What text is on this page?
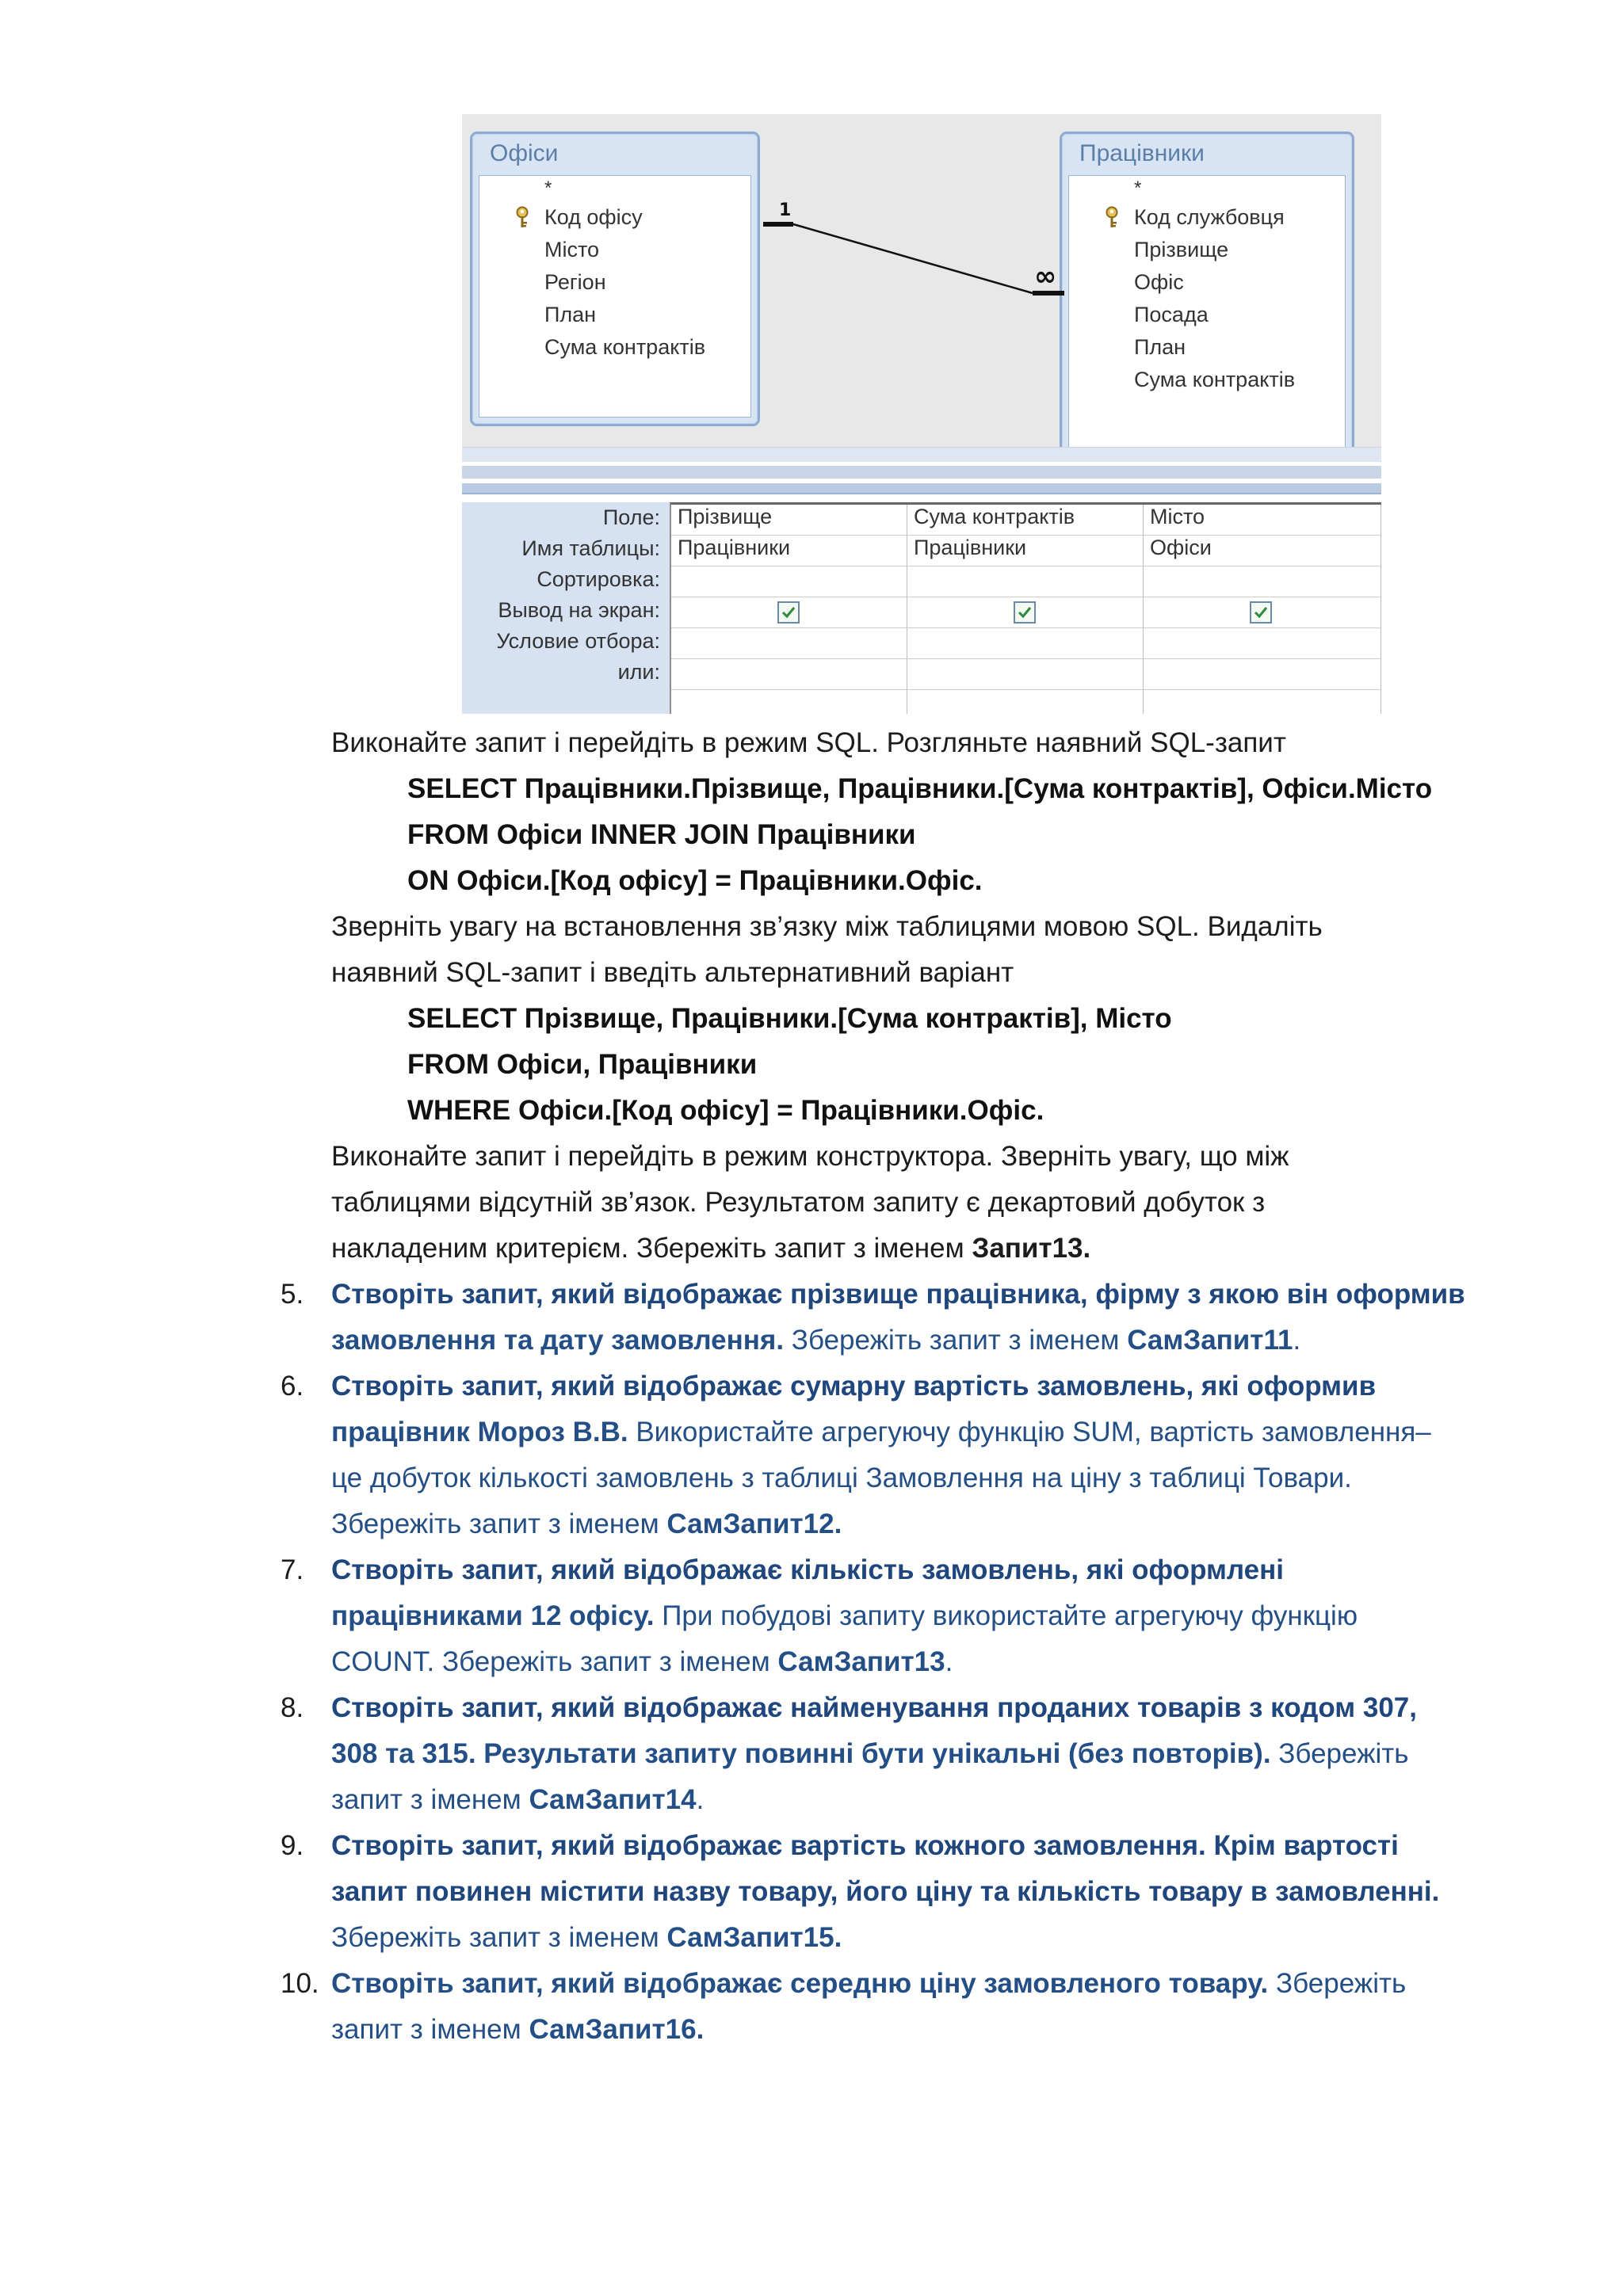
Офіси
*
Код офісу
Місто
Регіон
План
Сума контрактів
Працівники
*
Код службовця
Прізвище
Офіс
Посада
План
Сума контрактів
1
∞
Поле:
Имя таблицы:
Сортировка:
Вывод на экран:
Условие отбора:
или:
Прізвище
Працівники
Сума контрактів
Працівники
Місто
Офіси
Виконайте запит і перейдіть в режим SQL. Розгляньте наявний SQL-запит
SELECT Працівники.Прізвище, Працівники.[Сума контрактів], Офіси.Місто
FROM Офіси INNER JOIN Працівники
ON Офіси.[Код офісу] = Працівники.Офіс.
Зверніть увагу на встановлення зв’язку між таблицями мовою SQL. Видаліть
наявний SQL-запит і введіть альтернативний варіант
SELECT Прізвище, Працівники.[Сума контрактів], Місто
FROM Офіси, Працівники
WHERE Офіси.[Код офісу] = Працівники.Офіс.
Виконайте запит і перейдіть в режим конструктора. Зверніть увагу, що між
таблицями відсутній зв’язок. Результатом запиту є декартовий добуток з
накладеним критерієм. Збережіть запит з іменем Запит13.
5. Створіть запит, який відображає прізвище працівника, фірму з якою він оформив
замовлення та дату замовлення. Збережіть запит з іменем СамЗапит11.
6. Створіть запит, який відображає сумарну вартість замовлень, які оформив
працівник Мороз В.В. Використайте агрегуючу функцію SUM, вартість замовлення–
це добуток кількості замовлень з таблиці Замовлення на ціну з таблиці Товари.
Збережіть запит з іменем СамЗапит12.
7. Створіть запит, який відображає кількість замовлень, які оформлені
працівниками 12 офісу. При побудові запиту використайте агрегуючу функцію
COUNT. Збережіть запит з іменем СамЗапит13.
8. Створіть запит, який відображає найменування проданих товарів з кодом 307,
308 та 315. Результати запиту повинні бути унікальні (без повторів). Збережіть
запит з іменем СамЗапит14.
9. Створіть запит, який відображає вартість кожного замовлення. Крім вартості
запит повинен містити назву товару, його ціну та кількість товару в замовленні.
Збережіть запит з іменем СамЗапит15.
10. Створіть запит, який відображає середню ціну замовленого товару. Збережіть
запит з іменем СамЗапит16.
